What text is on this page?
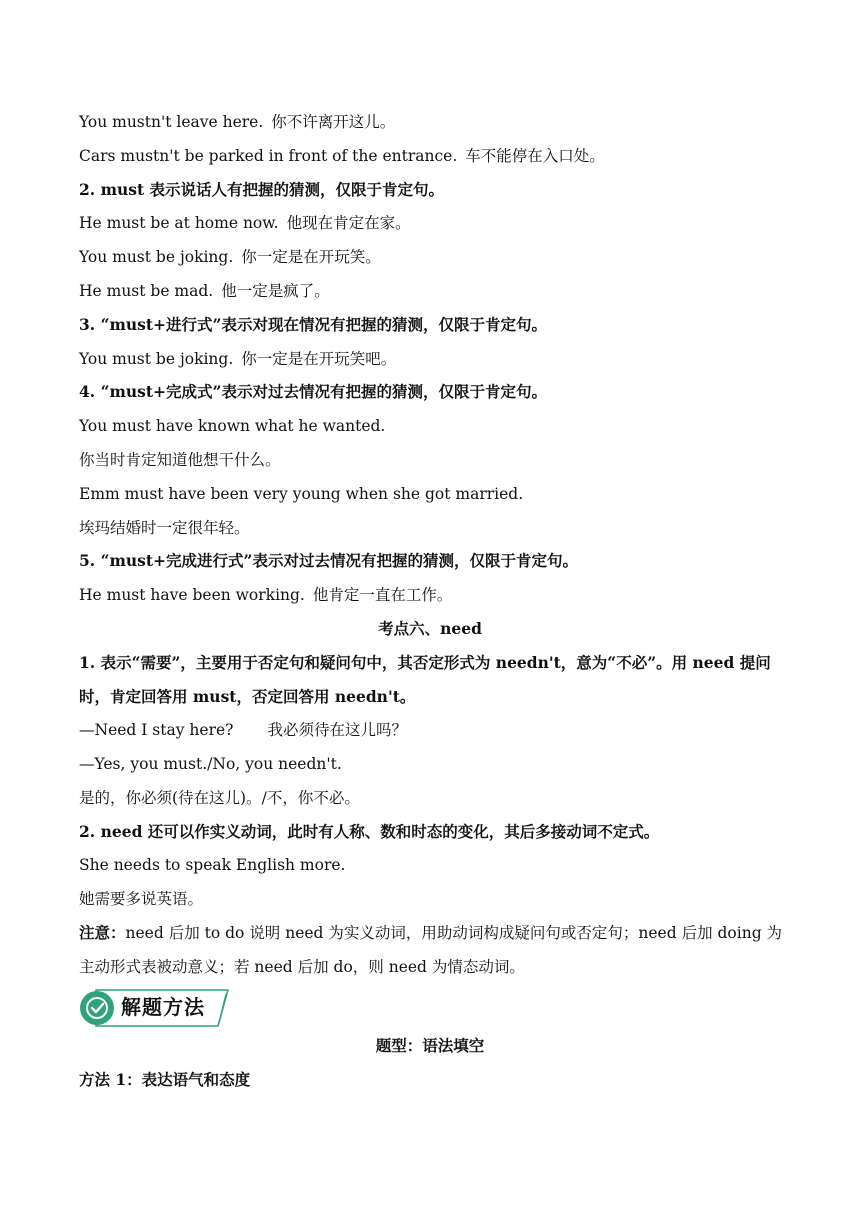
You mustn't leave here. 你不许离开这儿。
Cars mustn't be parked in front of the entrance. 车不能停在入口处。
2. must 表示说话人有把握的猜测，仅限于肯定句。
He must be at home now. 他现在肯定在家。
You must be joking. 你一定是在开玩笑。
He must be mad. 他一定是疯了。
3. “must+进行式”表示对现在情况有把握的猜测，仅限于肯定句。
You must be joking. 你一定是在开玩笑吧。
4. “must+完成式”表示对过去情况有把握的猜测，仅限于肯定句。
You must have known what he wanted.
你当时肯定知道他想干什么。
Emm must have been very young when she got married.
埃玛结婚时一定很年轻。
5. “must+完成进行式”表示对过去情况有把握的猜测，仅限于肯定句。
He must have been working. 他肯定一直在工作。
考点六、need
1. 表示“需要”，主要用于否定句和疑问句中，其否定形式为 needn't，意为“不必”。用 need 提问时，肯定回答用 must，否定回答用 needn't。
—Need I stay here? 我必须待在这儿吗？
—Yes, you must./No, you needn't.
是的，你必须(待在这儿)。/不，你不必。
2. need 还可以作实义动词，此时有人称、数和时态的变化，其后多接动词不定式。
She needs to speak English more.
她需要多说英语。
注意：need 后加 to do 说明 need 为实义动词，用助动词构成疑问句或否定句；need 后加 doing 为主动形式表被动意义；若 need 后加 do，则 need 为情态动词。
解题方法
题型：语法填空
方法 1：表达语气和态度
